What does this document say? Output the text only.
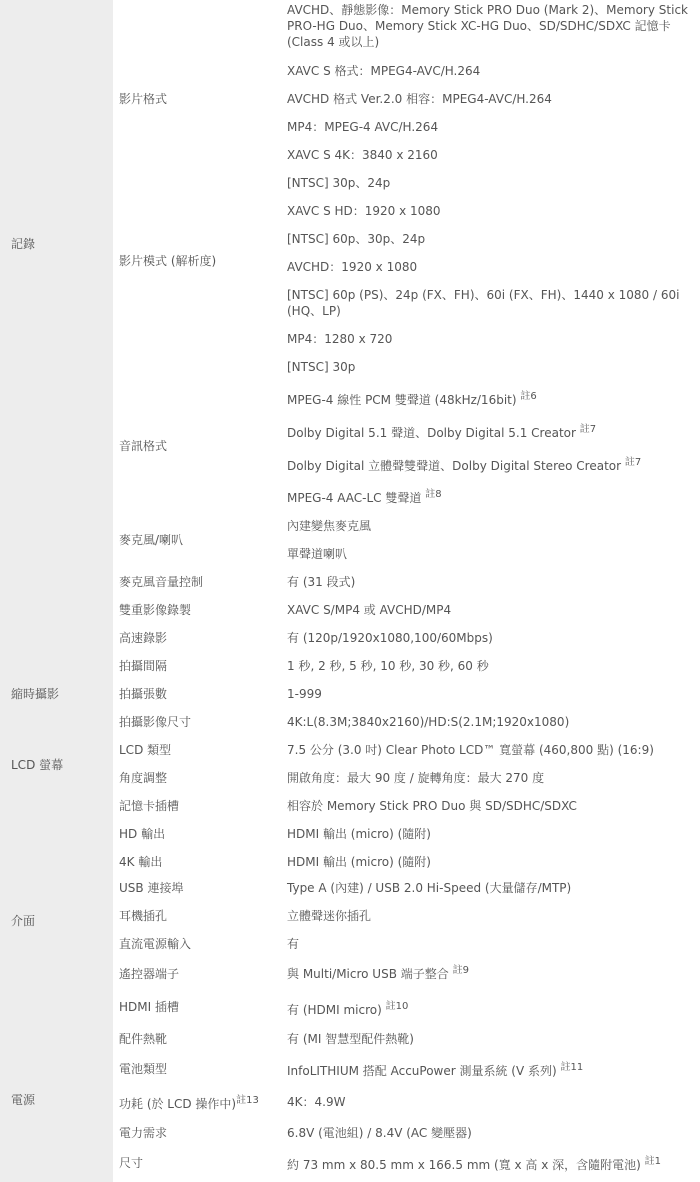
記錄
縮時攝影
LCD 螢幕
介面
電源
影片格式
影片模式 (解析度)
音訊格式
麥克風/喇叭
麥克風音量控制
雙重影像錄製
高速錄影
拍攝間隔
拍攝張數
拍攝影像尺寸
LCD 類型
角度調整
記憶卡插槽
HD 輸出
4K 輸出
USB 連接埠
耳機插孔
直流電源輸入
遙控器端子
HDMI 插槽
配件熱靴
電池類型
功耗 (於 LCD 操作中)$^{註13}$
電力需求
尺寸
AVCHD、靜態影像：Memory Stick PRO Duo (Mark 2)、Memory Stick PRO-HG Duo、Memory Stick XC-HG Duo、SD/SDHC/SDXC 記憶卡 (Class 4 或以上)
XAVC S 格式：MPEG4-AVC/H.264
AVCHD 格式 Ver.2.0 相容：MPEG4-AVC/H.264
MP4：MPEG-4 AVC/H.264
XAVC S 4K：3840 x 2160
[NTSC] 30p、24p
XAVC S HD：1920 x 1080
[NTSC] 60p、30p、24p
AVCHD：1920 x 1080
[NTSC] 60p (PS)、24p (FX、FH)、60i (FX、FH)、1440 x 1080 / 60i (HQ、LP)
MP4：1280 x 720
[NTSC] 30p
MPEG-4 線性 PCM 雙聲道 (48kHz/16bit) $^{註6}$
Dolby Digital 5.1 聲道、Dolby Digital 5.1 Creator $^{註7}$
Dolby Digital 立體聲雙聲道、Dolby Digital Stereo Creator $^{註7}$
MPEG-4 AAC-LC 雙聲道 $^{註8}$
內建變焦麥克風
單聲道喇叭
有 (31 段式)
XAVC S/MP4 或 AVCHD/MP4
有 (120p/1920x1080,100/60Mbps)
1 秒, 2 秒, 5 秒, 10 秒, 30 秒, 60 秒
1-999
4K:L(8.3M;3840x2160)/HD:S(2.1M;1920x1080)
7.5 公分 (3.0 吋) Clear Photo LCD™ 寬螢幕 (460,800 點) (16:9)
開啟角度：最大 90 度 / 旋轉角度：最大 270 度
相容於 Memory Stick PRO Duo 與 SD/SDHC/SDXC
HDMI 輸出 (micro) (隨附)
HDMI 輸出 (micro) (隨附)
Type A (內建) / USB 2.0 Hi-Speed (大量儲存/MTP)
立體聲迷你插孔
有
與 Multi/Micro USB 端子整合 $^{註9}$
有 (HDMI micro) $^{註10}$
有 (MI 智慧型配件熱靴)
InfoLITHIUM 搭配 AccuPower 測量系統 (V 系列) $^{註11}$
4K：4.9W
6.8V (電池組) / 8.4V (AC 變壓器)
約 73 mm x 80.5 mm x 166.5 mm (寬 x 高 x 深，含隨附電池) $^{註1}$
